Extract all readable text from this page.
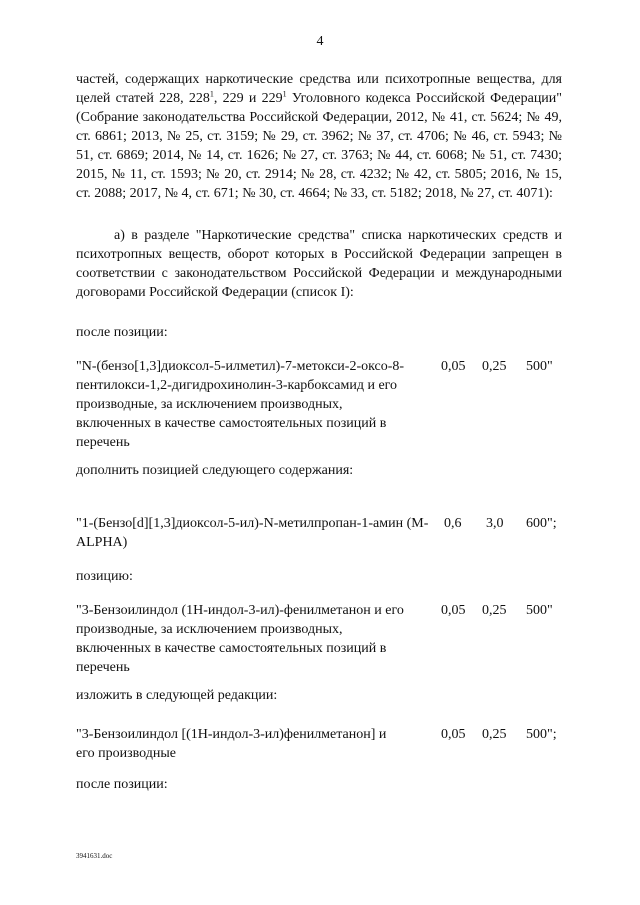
4
частей, содержащих наркотические средства или психотропные вещества, для целей статей 228, $228^1$, 229 и $229^1$ Уголовного кодекса Российской Федерации" (Собрание законодательства Российской Федерации, 2012, № 41, ст. 5624; № 49, ст. 6861; 2013, № 25, ст. 3159; № 29, ст. 3962; № 37, ст. 4706; № 46, ст. 5943; № 51, ст. 6869; 2014, № 14, ст. 1626; № 27, ст. 3763; № 44, ст. 6068; № 51, ст. 7430; 2015, № 11, ст. 1593; № 20, ст. 2914; № 28, ст. 4232; № 42, ст. 5805; 2016, № 15, ст. 2088; 2017, № 4, ст. 671; № 30, ст. 4664; № 33, ст. 5182; 2018, № 27, ст. 4071):
а) в разделе "Наркотические средства" списка наркотических средств и психотропных веществ, оборот которых в Российской Федерации запрещен в соответствии с законодательством Российской Федерации и международными договорами Российской Федерации (список I):
после позиции:
"N-(бензо[1,3]диоксол-5-илметил)-7-метокси-2-оксо-8-пентилокси-1,2-дигидрохинолин-3-карбоксамид и его производные, за исключением производных, включенных в качестве самостоятельных позиций в перечень
0,05 0,25 500"
дополнить позицией следующего содержания:
"1-(Бензо[d][1,3]диоксол-5-ил)-N-метилпропан-1-амин (M-ALPHA)
0,6 3,0 600";
позицию:
"3-Бензоилиндол (1Н-индол-3-ил)-фенилметанон и его производные, за исключением производных, включенных в качестве самостоятельных позиций в перечень
0,05 0,25 500"
изложить в следующей редакции:
"3-Бензоилиндол [(1Н-индол-3-ил)фенилметанон] и его производные
0,05 0,25 500";
после позиции:
3941631.doc
